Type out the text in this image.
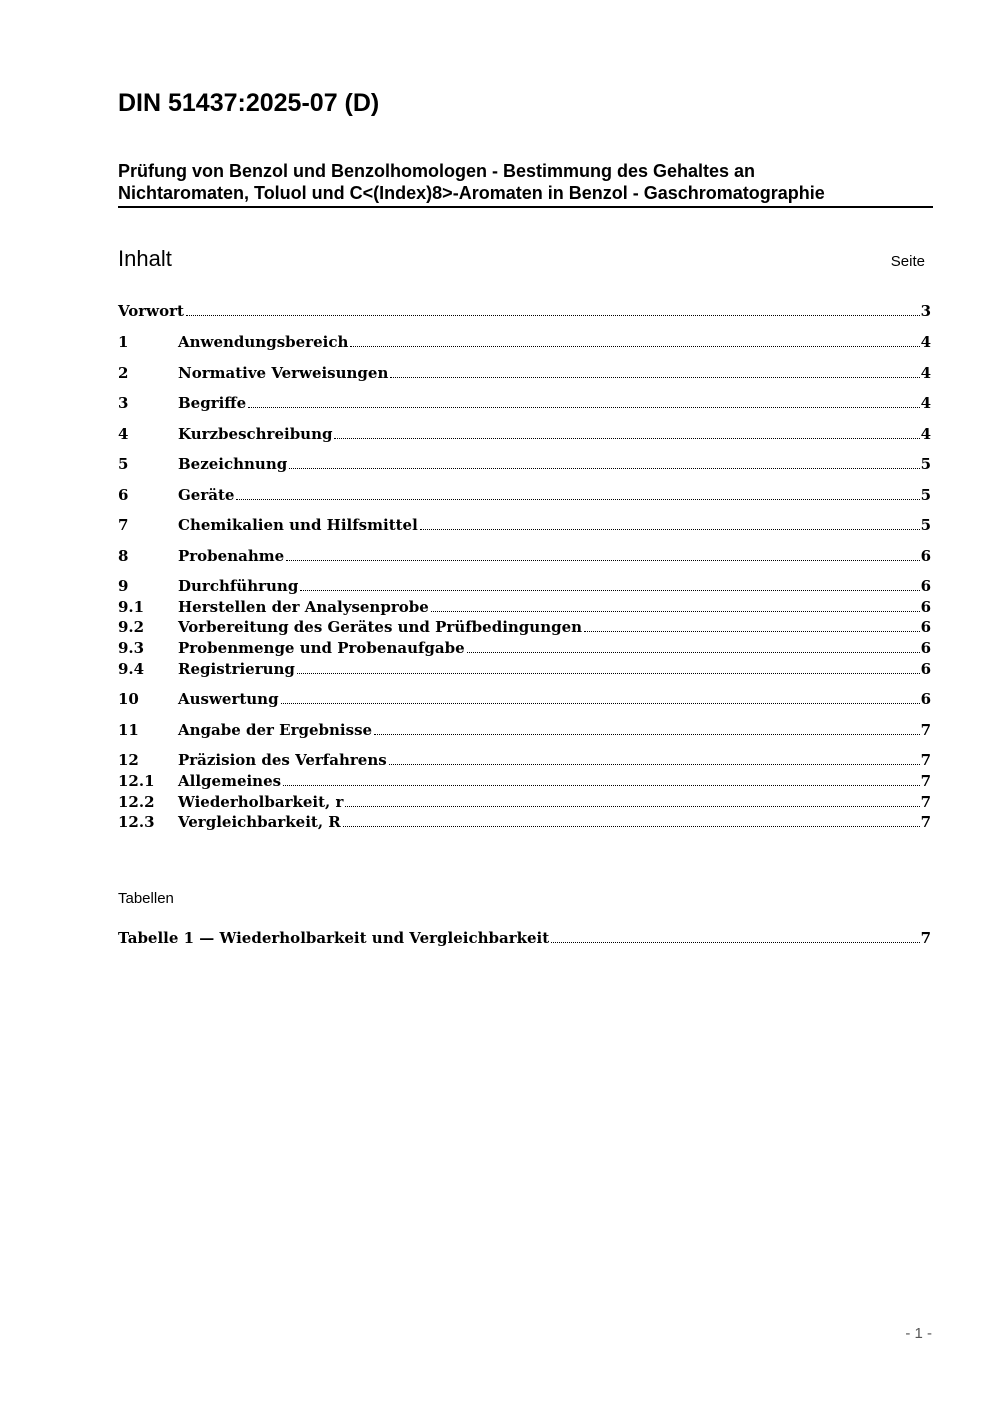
DIN 51437:2025-07 (D)
Prüfung von Benzol und Benzolhomologen - Bestimmung des Gehaltes an
Nichtaromaten, Toluol und C<(Index)8>-Aromaten in Benzol - Gaschromatographie
Inhalt	Seite
Vorwort	3
1	Anwendungsbereich	4
2	Normative Verweisungen	4
3	Begriffe	4
4	Kurzbeschreibung	4
5	Bezeichnung	5
6	Geräte	5
7	Chemikalien und Hilfsmittel	5
8	Probenahme	6
9	Durchführung	6
9.1	Herstellen der Analysenprobe	6
9.2	Vorbereitung des Gerätes und Prüfbedingungen	6
9.3	Probenmenge und Probenaufgabe	6
9.4	Registrierung	6
10	Auswertung	6
11	Angabe der Ergebnisse	7
12	Präzision des Verfahrens	7
12.1	Allgemeines	7
12.2	Wiederholbarkeit, r	7
12.3	Vergleichbarkeit, R	7
Tabellen
Tabelle 1 — Wiederholbarkeit und Vergleichbarkeit	7
- 1 -
